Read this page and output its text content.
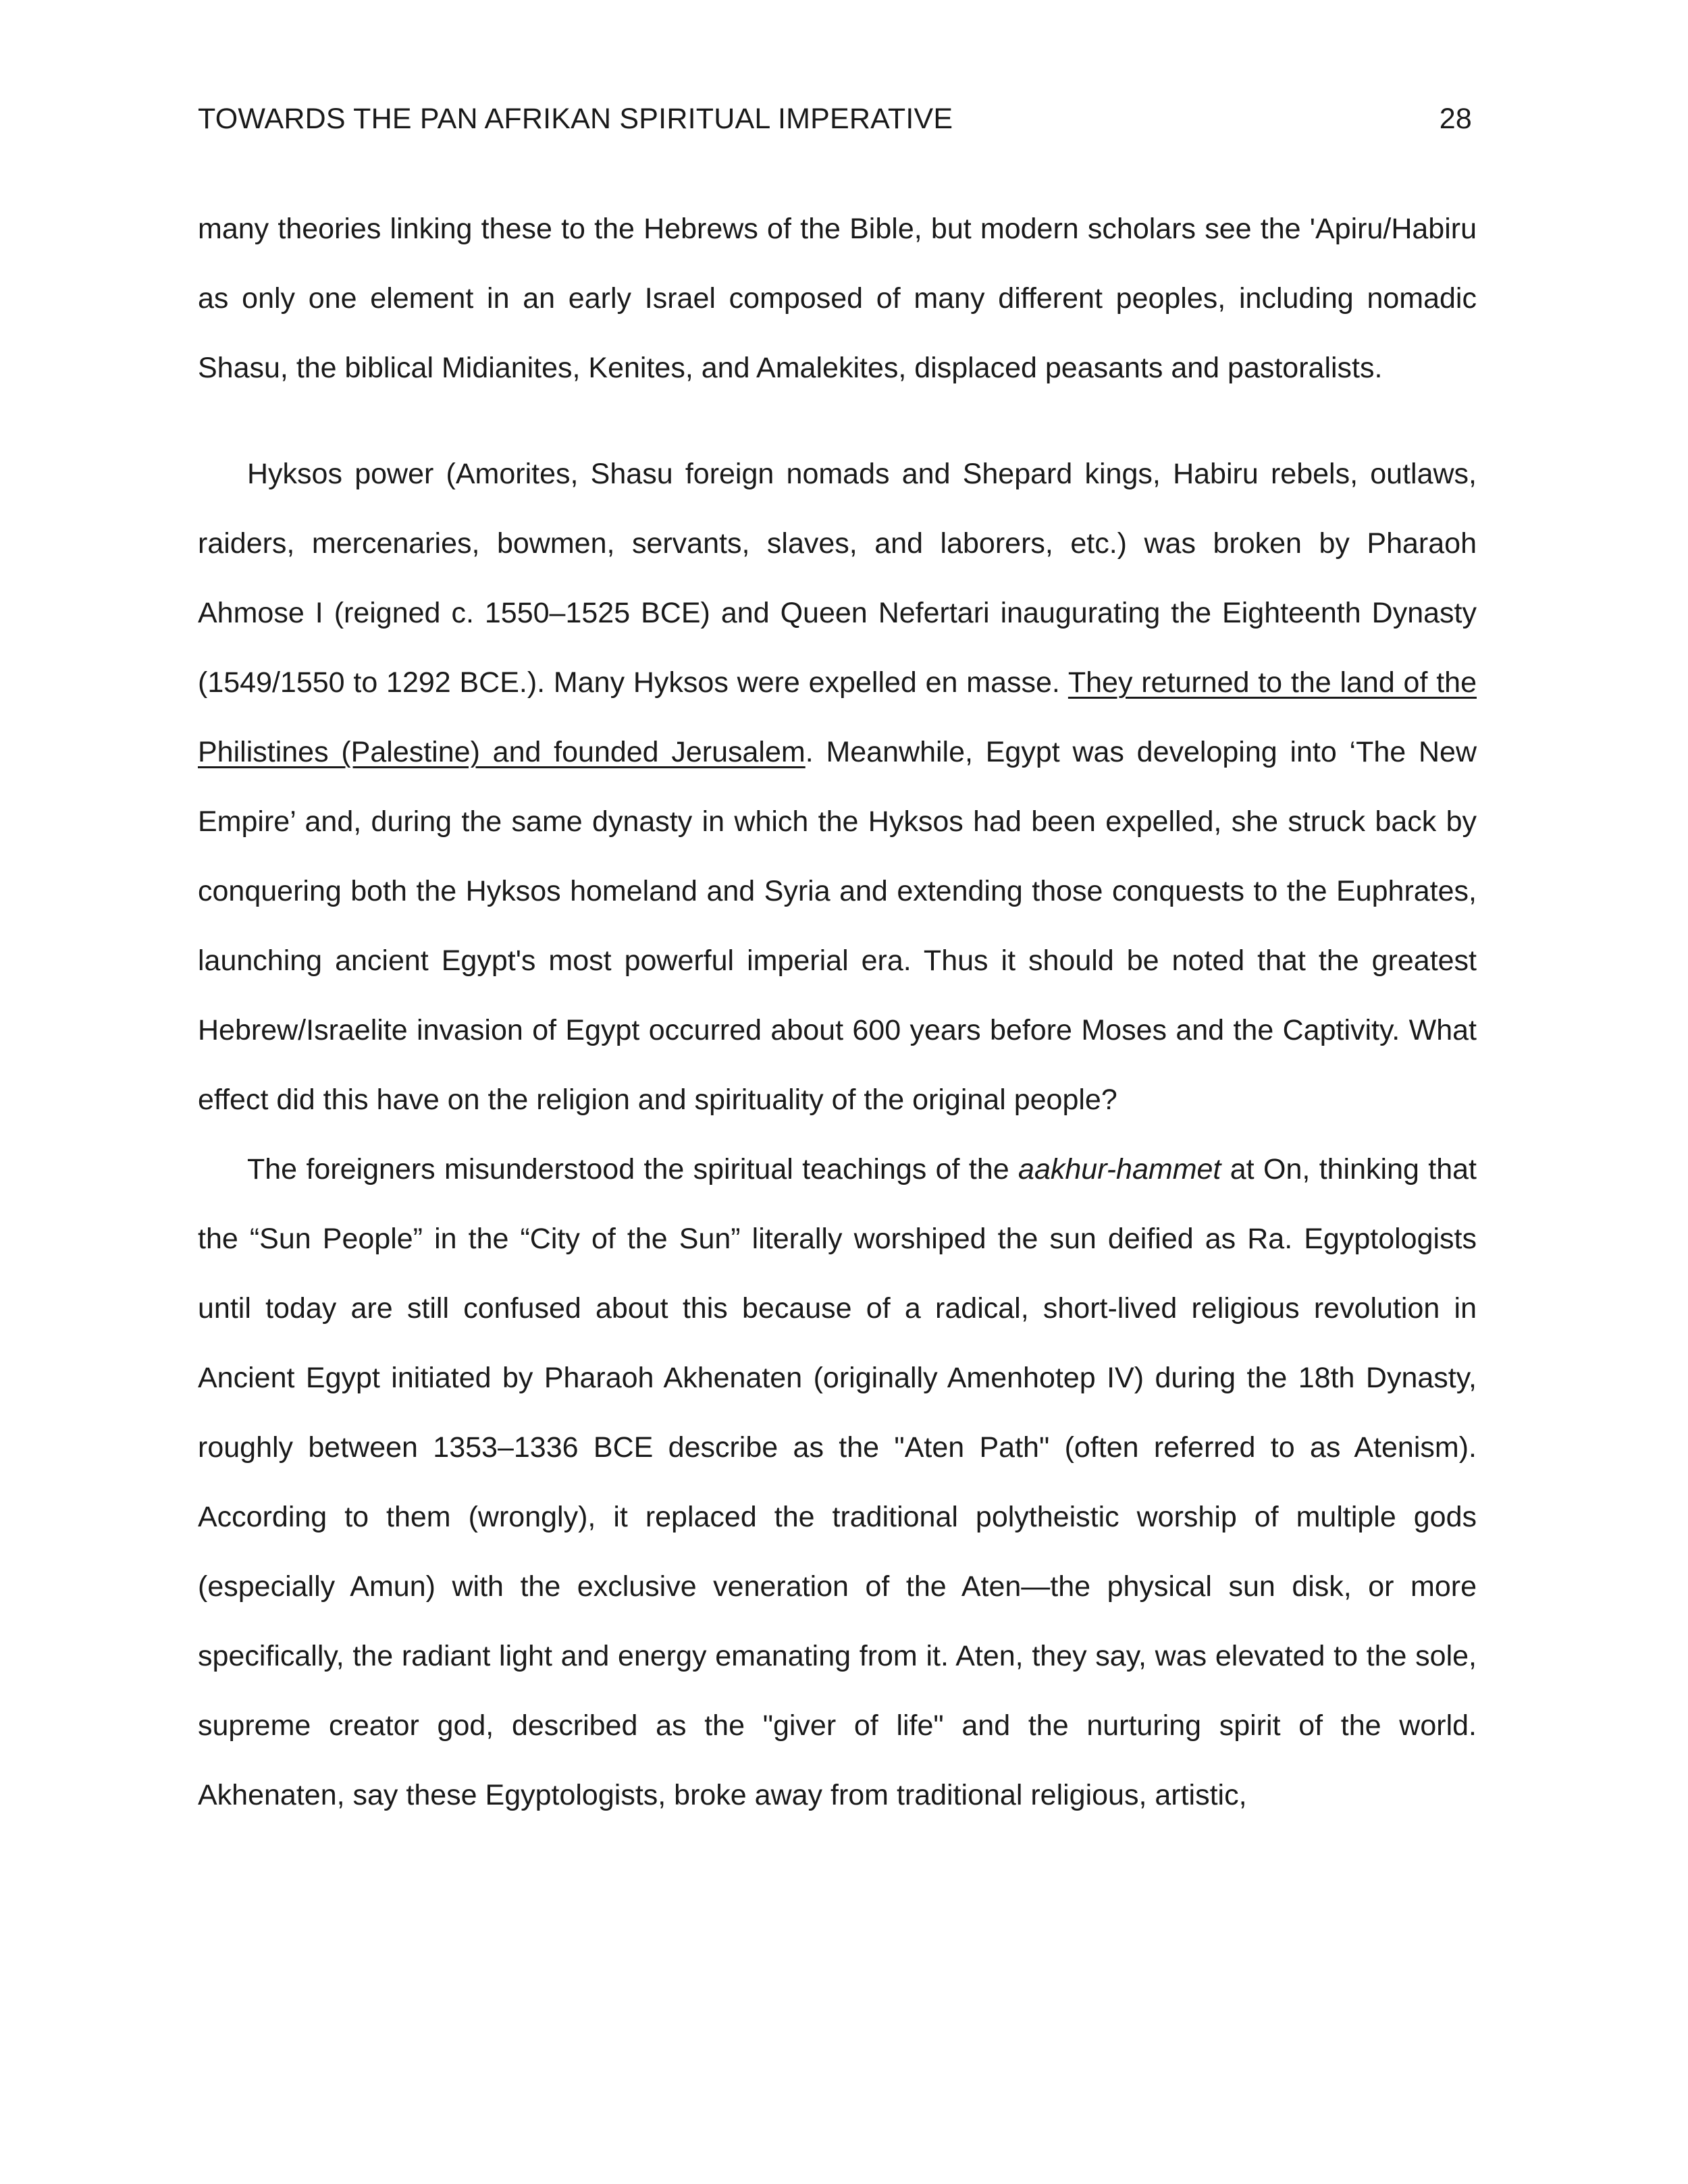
TOWARDS THE PAN AFRIKAN SPIRITUAL IMPERATIVE	28

many theories linking these to the Hebrews of the Bible, but modern scholars see the 'Apiru/Habiru as only one element in an early Israel composed of many different peoples, including nomadic Shasu, the biblical Midianites, Kenites, and Amalekites, displaced peasants and pastoralists.

Hyksos power (Amorites, Shasu foreign nomads and Shepard kings, Habiru rebels, outlaws, raiders, mercenaries, bowmen, servants, slaves, and laborers, etc.) was broken by Pharaoh Ahmose I (reigned c. 1550–1525 BCE) and Queen Nefertari inaugurating the Eighteenth Dynasty (1549/1550 to 1292 BCE.). Many Hyksos were expelled en masse. They returned to the land of the Philistines (Palestine) and founded Jerusalem. Meanwhile, Egypt was developing into ‘The New Empire’ and, during the same dynasty in which the Hyksos had been expelled, she struck back by conquering both the Hyksos homeland and Syria and extending those conquests to the Euphrates, launching ancient Egypt's most powerful imperial era. Thus it should be noted that the greatest Hebrew/Israelite invasion of Egypt occurred about 600 years before Moses and the Captivity. What effect did this have on the religion and spirituality of the original people?

The foreigners misunderstood the spiritual teachings of the aakhur-hammet at On, thinking that the “Sun People” in the “City of the Sun” literally worshiped the sun deified as Ra. Egyptologists until today are still confused about this because of a radical, short-lived religious revolution in Ancient Egypt initiated by Pharaoh Akhenaten (originally Amenhotep IV) during the 18th Dynasty, roughly between 1353–1336 BCE describe as the "Aten Path" (often referred to as Atenism). According to them (wrongly), it replaced the traditional polytheistic worship of multiple gods (especially Amun) with the exclusive veneration of the Aten—the physical sun disk, or more specifically, the radiant light and energy emanating from it. Aten, they say, was elevated to the sole, supreme creator god, described as the "giver of life" and the nurturing spirit of the world. Akhenaten, say these Egyptologists, broke away from traditional religious, artistic,
